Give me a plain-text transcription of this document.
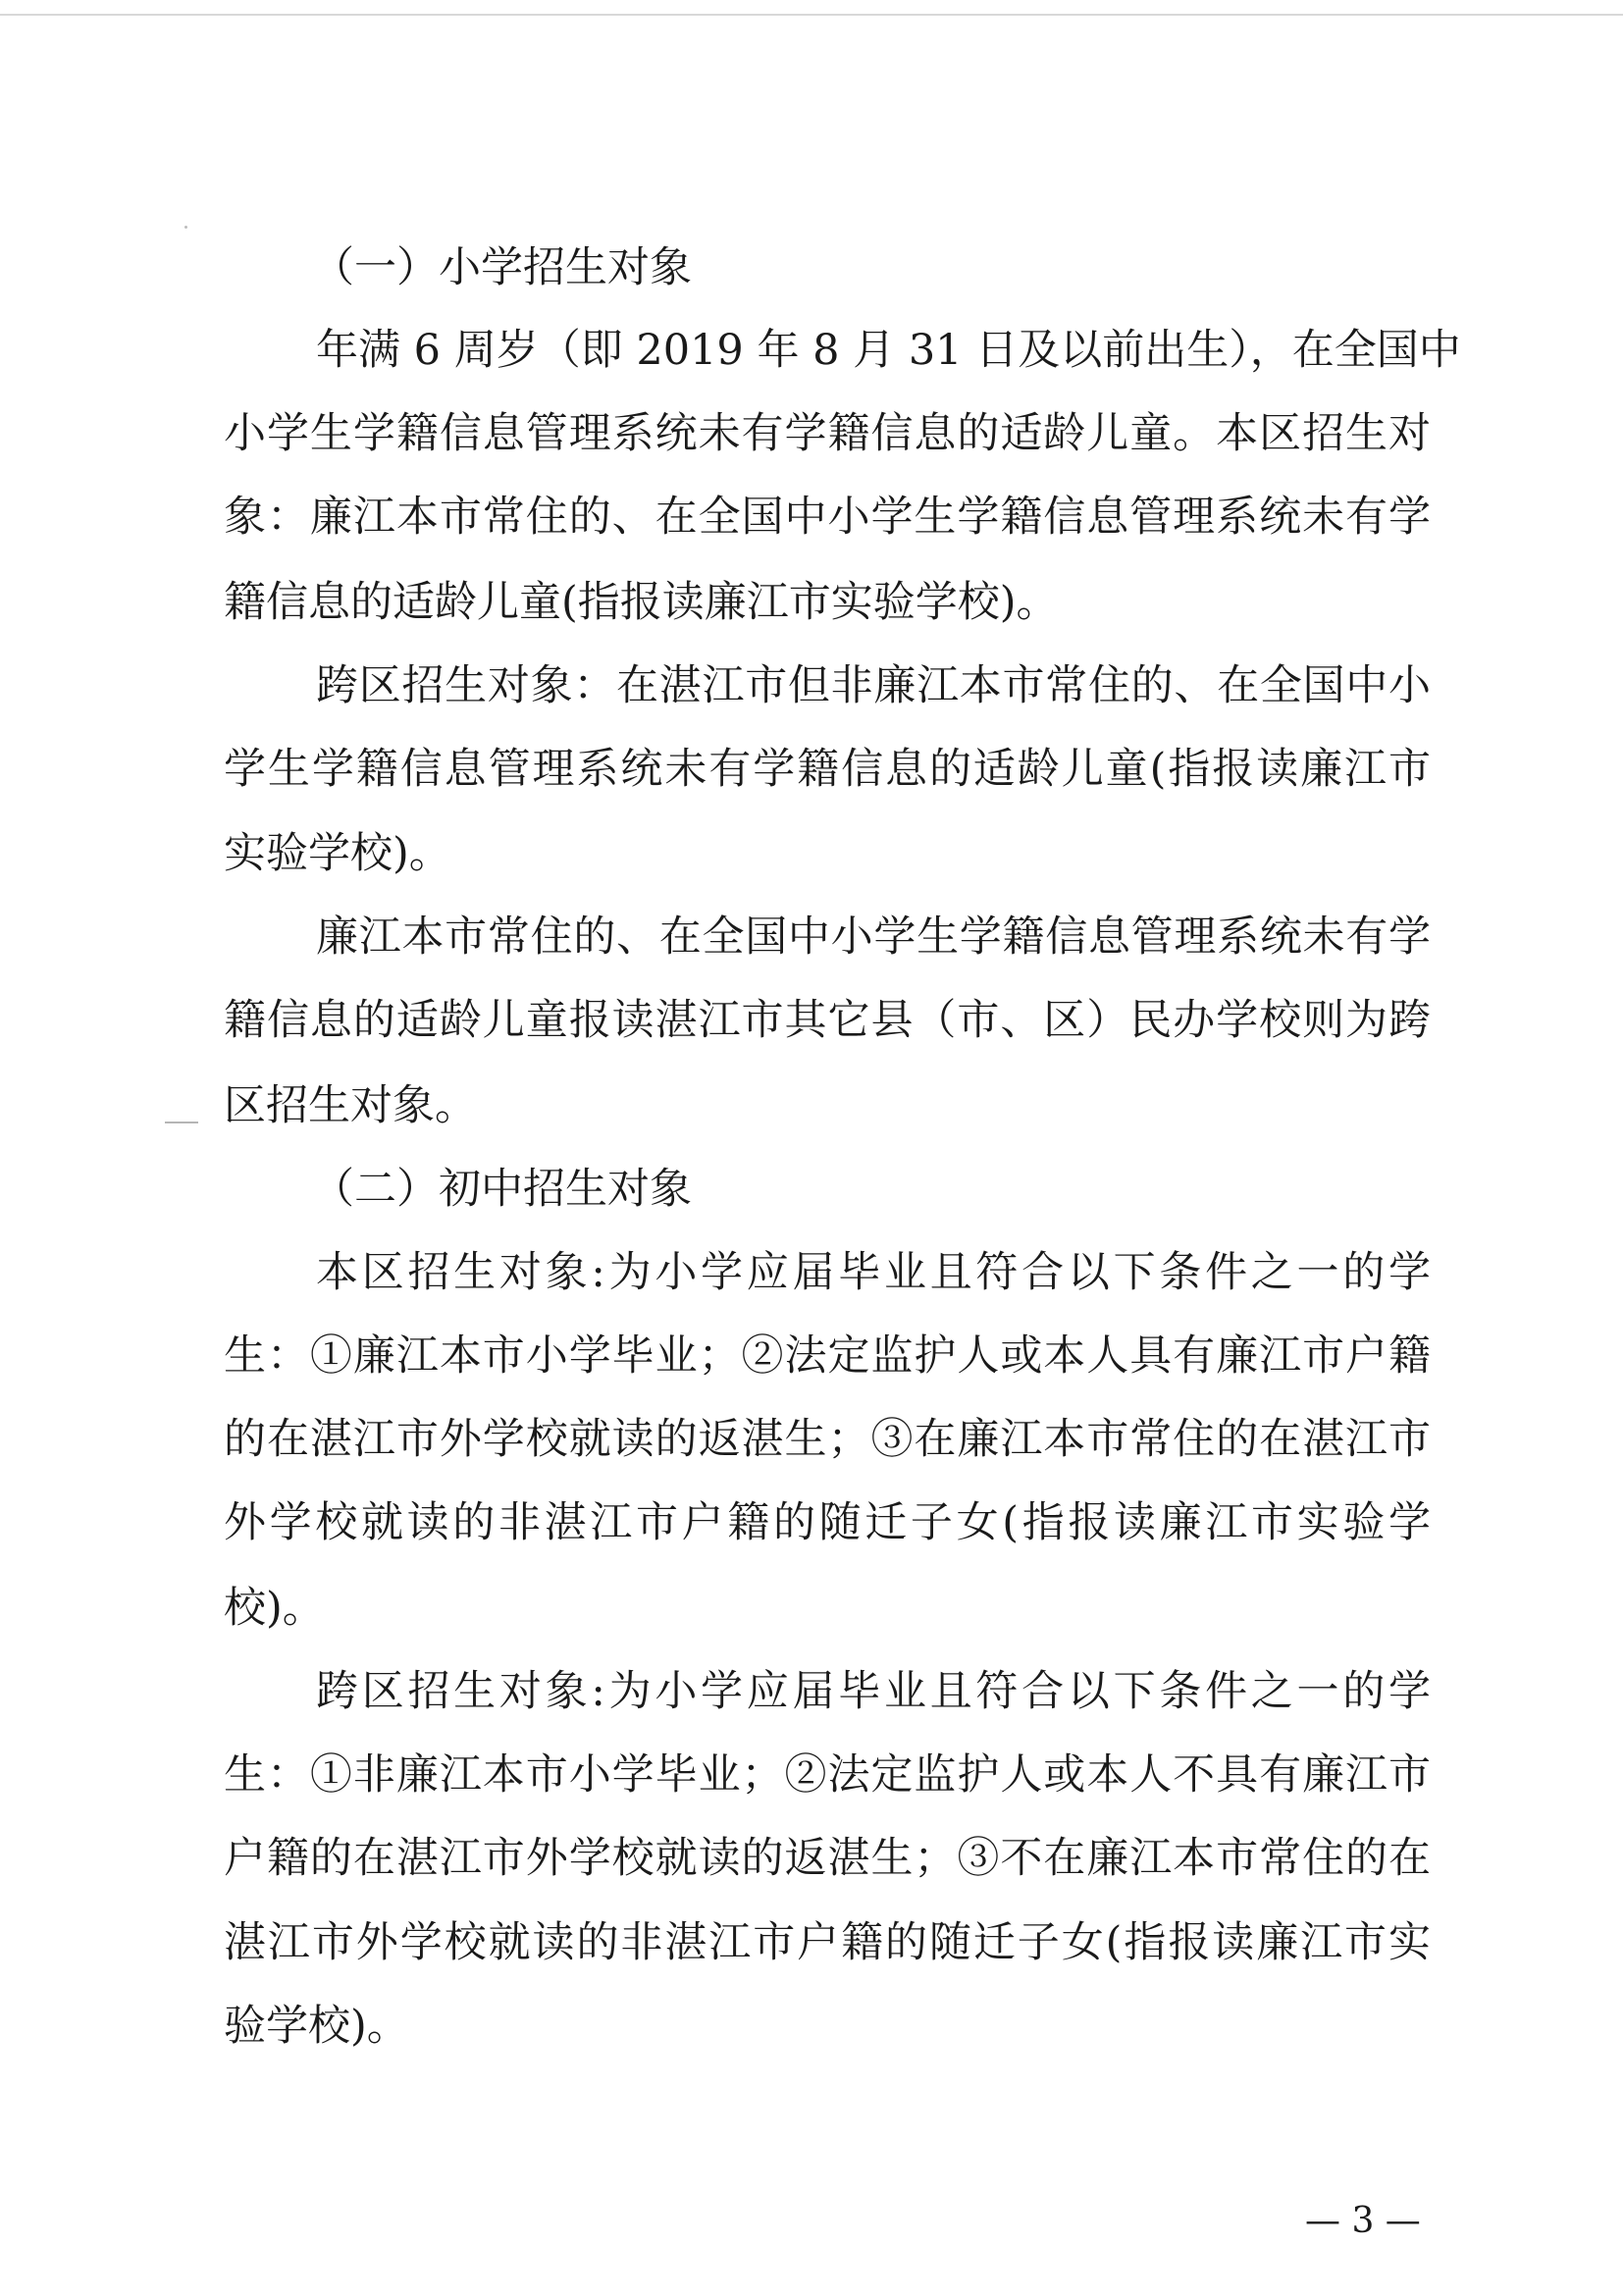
（一）小学招生对象
年满 6 周岁（即 2019 年 8 月 31 日及以前出生），在全国中
小学生学籍信息管理系统未有学籍信息的适龄儿童。本区招生对
象：廉江本市常住的、在全国中小学生学籍信息管理系统未有学
籍信息的适龄儿童(指报读廉江市实验学校)。
跨区招生对象：在湛江市但非廉江本市常住的、在全国中小
学生学籍信息管理系统未有学籍信息的适龄儿童(指报读廉江市
实验学校)。
廉江本市常住的、在全国中小学生学籍信息管理系统未有学
籍信息的适龄儿童报读湛江市其它县（市、区）民办学校则为跨
区招生对象。
（二）初中招生对象
本区招生对象:为小学应届毕业且符合以下条件之一的学
生：①廉江本市小学毕业；②法定监护人或本人具有廉江市户籍
的在湛江市外学校就读的返湛生；③在廉江本市常住的在湛江市
外学校就读的非湛江市户籍的随迁子女(指报读廉江市实验学
校)。
跨区招生对象:为小学应届毕业且符合以下条件之一的学
生：①非廉江本市小学毕业；②法定监护人或本人不具有廉江市
户籍的在湛江市外学校就读的返湛生；③不在廉江本市常住的在
湛江市外学校就读的非湛江市户籍的随迁子女(指报读廉江市实
验学校)。
— 3 —
